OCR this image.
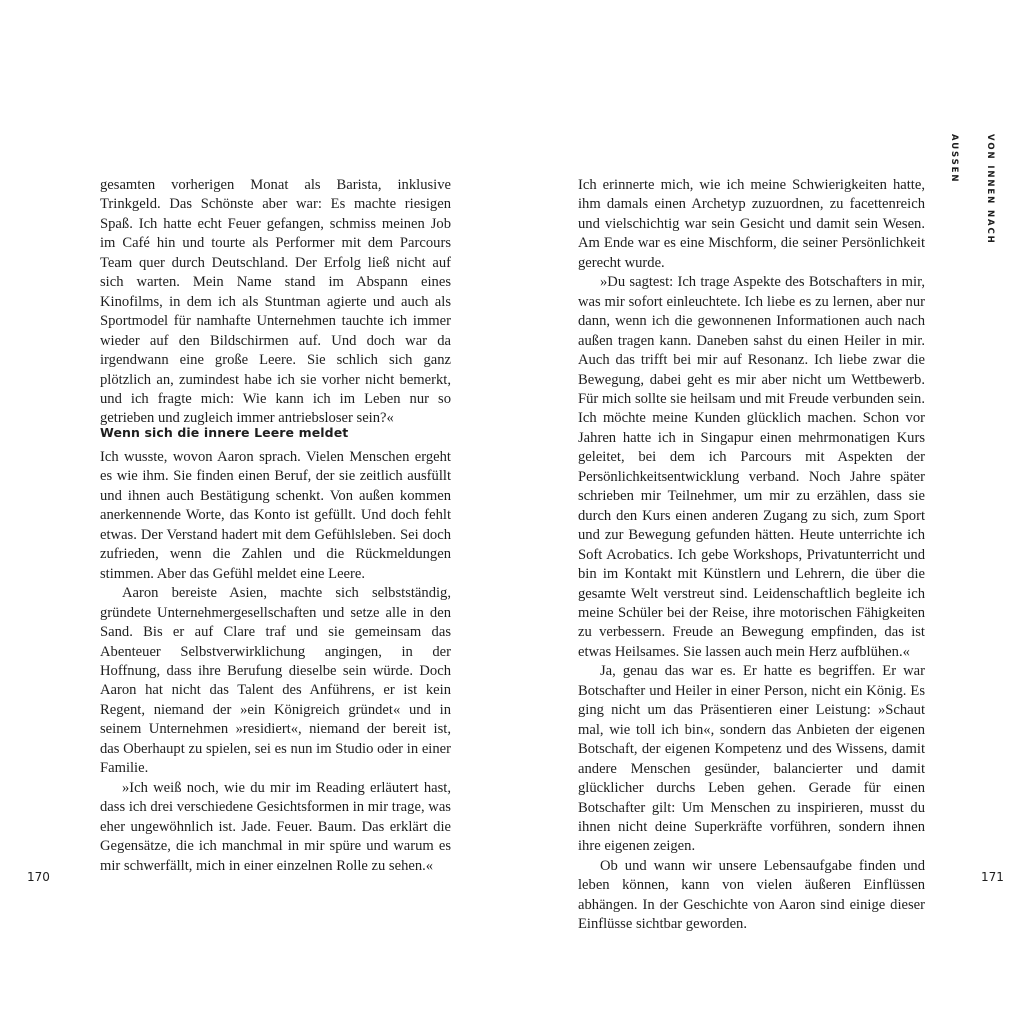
gesamten vorherigen Monat als Barista, inklusive Trinkgeld. Das Schönste aber war: Es machte riesigen Spaß. Ich hatte echt Feuer gefangen, schmiss meinen Job im Café hin und tourte als Performer mit dem Parcours Team quer durch Deutschland. Der Erfolg ließ nicht auf sich warten. Mein Name stand im Abspann eines Kinofilms, in dem ich als Stuntman agierte und auch als Sportmodel für namhafte Unternehmen tauchte ich immer wieder auf den Bildschirmen auf. Und doch war da irgendwann eine große Leere. Sie schlich sich ganz plötzlich an, zumindest habe ich sie vorher nicht bemerkt, und ich fragte mich: Wie kann ich im Leben nur so getrieben und zugleich immer antriebsloser sein?«

Wenn sich die innere Leere meldet

Ich wusste, wovon Aaron sprach. Vielen Menschen ergeht es wie ihm. Sie finden einen Beruf, der sie zeitlich ausfüllt und ihnen auch Bestätigung schenkt. Von außen kommen anerkennende Worte, das Konto ist gefüllt. Und doch fehlt etwas. Der Verstand hadert mit dem Gefühlsleben. Sei doch zufrieden, wenn die Zahlen und die Rückmeldungen stimmen. Aber das Gefühl meldet eine Leere.

Aaron bereiste Asien, machte sich selbstständig, gründete Unternehmergesellschaften und setze alle in den Sand. Bis er auf Clare traf und sie gemeinsam das Abenteuer Selbstverwirklichung angingen, in der Hoffnung, dass ihre Berufung dieselbe sein würde. Doch Aaron hat nicht das Talent des Anführens, er ist kein Regent, niemand der »ein Königreich gründet« und in seinem Unternehmen »residiert«, niemand der bereit ist, das Oberhaupt zu spielen, sei es nun im Studio oder in einer Familie.

»Ich weiß noch, wie du mir im Reading erläutert hast, dass ich drei verschiedene Gesichtsformen in mir trage, was eher ungewöhnlich ist. Jade. Feuer. Baum. Das erklärt die Gegensätze, die ich manchmal in mir spüre und warum es mir schwerfällt, mich in einer einzelnen Rolle zu sehen.«

170

Ich erinnerte mich, wie ich meine Schwierigkeiten hatte, ihm damals einen Archetyp zuzuordnen, zu facettenreich und vielschichtig war sein Gesicht und damit sein Wesen. Am Ende war es eine Mischform, die seiner Persönlichkeit gerecht wurde.

»Du sagtest: Ich trage Aspekte des Botschafters in mir, was mir sofort einleuchtete. Ich liebe es zu lernen, aber nur dann, wenn ich die gewonnenen Informationen auch nach außen tragen kann. Daneben sahst du einen Heiler in mir. Auch das trifft bei mir auf Resonanz. Ich liebe zwar die Bewegung, dabei geht es mir aber nicht um Wettbewerb. Für mich sollte sie heilsam und mit Freude verbunden sein. Ich möchte meine Kunden glücklich machen. Schon vor Jahren hatte ich in Singapur einen mehrmonatigen Kurs geleitet, bei dem ich Parcours mit Aspekten der Persönlichkeitsentwicklung verband. Noch Jahre später schrieben mir Teilnehmer, um mir zu erzählen, dass sie durch den Kurs einen anderen Zugang zu sich, zum Sport und zur Bewegung gefunden hätten. Heute unterrichte ich Soft Acrobatics. Ich gebe Workshops, Privatunterricht und bin im Kontakt mit Künstlern und Lehrern, die über die gesamte Welt verstreut sind. Leidenschaftlich begleite ich meine Schüler bei der Reise, ihre motorischen Fähigkeiten zu verbessern. Freude an Bewegung empfinden, das ist etwas Heilsames. Sie lassen auch mein Herz aufblühen.«

Ja, genau das war es. Er hatte es begriffen. Er war Botschafter und Heiler in einer Person, nicht ein König. Es ging nicht um das Präsentieren einer Leistung: »Schaut mal, wie toll ich bin«, sondern das Anbieten der eigenen Botschaft, der eigenen Kompetenz und des Wissens, damit andere Menschen gesünder, balancierter und damit glücklicher durchs Leben gehen. Gerade für einen Botschafter gilt: Um Menschen zu inspirieren, musst du ihnen nicht deine Superkräfte vorführen, sondern ihnen ihre eigenen zeigen.

Ob und wann wir unsere Lebensaufgabe finden und leben können, kann von vielen äußeren Einflüssen abhängen. In der Geschichte von Aaron sind einige dieser Einflüsse sichtbar geworden.

VON INNEN NACH AUSSEN

171
